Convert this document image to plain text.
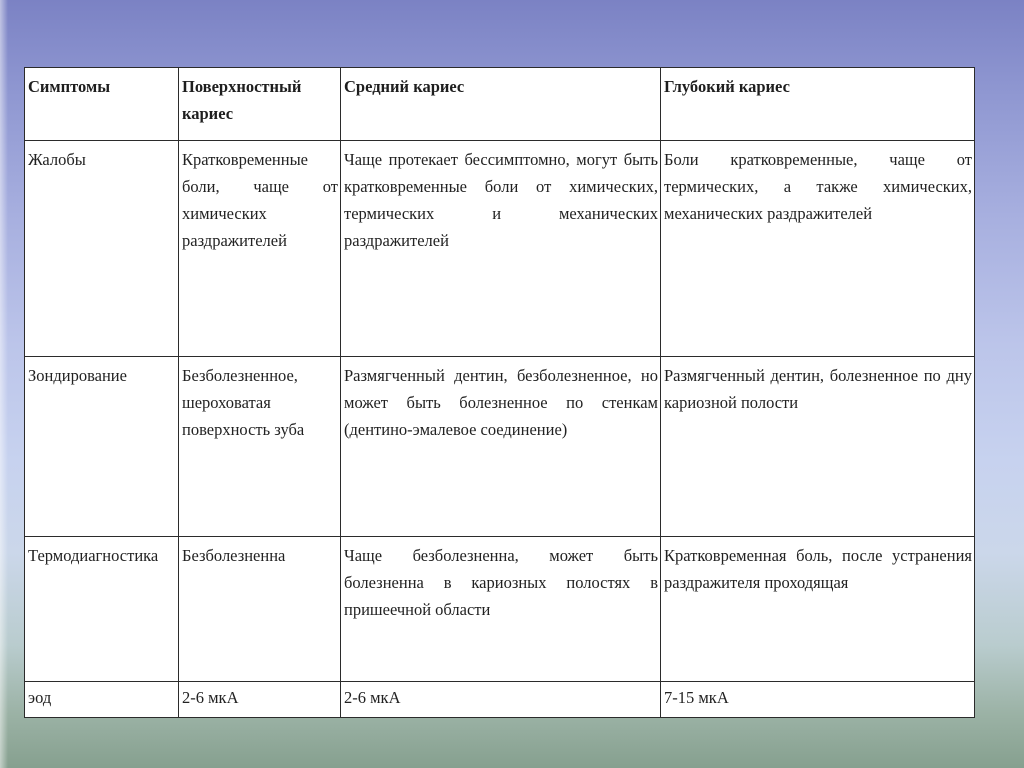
Симптомы	Поверхностный кариес	Средний кариес	Глубокий кариес
Жалобы	Кратковременные боли, чаще от химических раздражителей	Чаще протекает бессимптомно, могут быть кратковременные боли от химических, термических и механических раздражителей	Боли кратковременные, чаще от термических, а также химических, механических раздражителей
Зондирование	Безболезненное, шероховатая поверхность зуба	Размягченный дентин, безболезненное, но может быть болезненное по стенкам (дентино-эмалевое соединение)	Размягченный дентин, болезненное по дну кариозной полости
Термодиагностика	Безболезненна	Чаще безболезненна, может быть болезненна в кариозных полостях в пришеечной области	Кратковременная боль, после устранения раздражителя проходящая
эод	2-6 мкА	2-6 мкА	7-15 мкА
